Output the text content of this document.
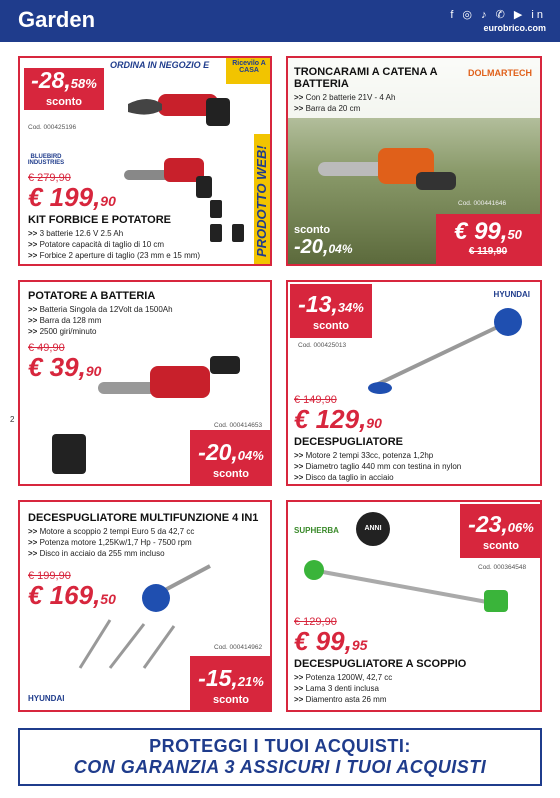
Garden	f ◎ ♪ ✆ ▶ in
eurobrico.com
2
ORDINA IN NEGOZIO E	Ricevilo A CASA
-28,58%
sconto
Cod. 000425196
BLUEBIRD INDUSTRIES	PRODOTTO WEB!
€ 279,90
€ 199,90
KIT FORBICE E POTATORE
>> 3 batterie 12.6 V 2.5 Ah
>> Potatore capacità di taglio di 10 cm
>> Forbice 2 aperture di taglio (23 mm e 15 mm)
TRONCARAMI A CATENA A BATTERIA
>> Con 2 batterie 21V - 4 Ah
>> Barra da 20 cm
DOLMARTECH
Cod. 000441646
sconto
-20,04%
€ 99,50
€ 119,90
POTATORE A BATTERIA
>> Batteria Singola da 12Volt da 1500Ah
>> Barra da 128 mm
>> 2500 giri/minuto
€ 49,90
€ 39,90
Cod. 000414653
-20,04%
sconto
-13,34%
sconto
HYUNDAI
Cod. 000425013
€ 149,90
€ 129,90
DECESPUGLIATORE
>> Motore 2 tempi 33cc, potenza 1,2hp
>> Diametro taglio 440 mm con testina in nylon
>> Disco da taglio in acciaio
DECESPUGLIATORE MULTIFUNZIONE 4 IN1
>> Motore a scoppio 2 tempi Euro 5 da 42,7 cc
>> Potenza motore 1,25Kw/1,7 Hp - 7500 rpm
>> Disco in acciaio da 255 mm incluso
€ 199,90
€ 169,50
Cod. 000414962
HYUNDAI
-15,21%
sconto
SUPHERBA	ANNI	-23,06%
sconto
Cod. 000364548
€ 129,90
€ 99,95
DECESPUGLIATORE A SCOPPIO
>> Potenza 1200W, 42,7 cc
>> Lama 3 denti inclusa
>> Diamentro asta 26 mm
PROTEGGI I TUOI ACQUISTI:
CON GARANZIA 3 ASSICURI I TUOI ACQUISTI
